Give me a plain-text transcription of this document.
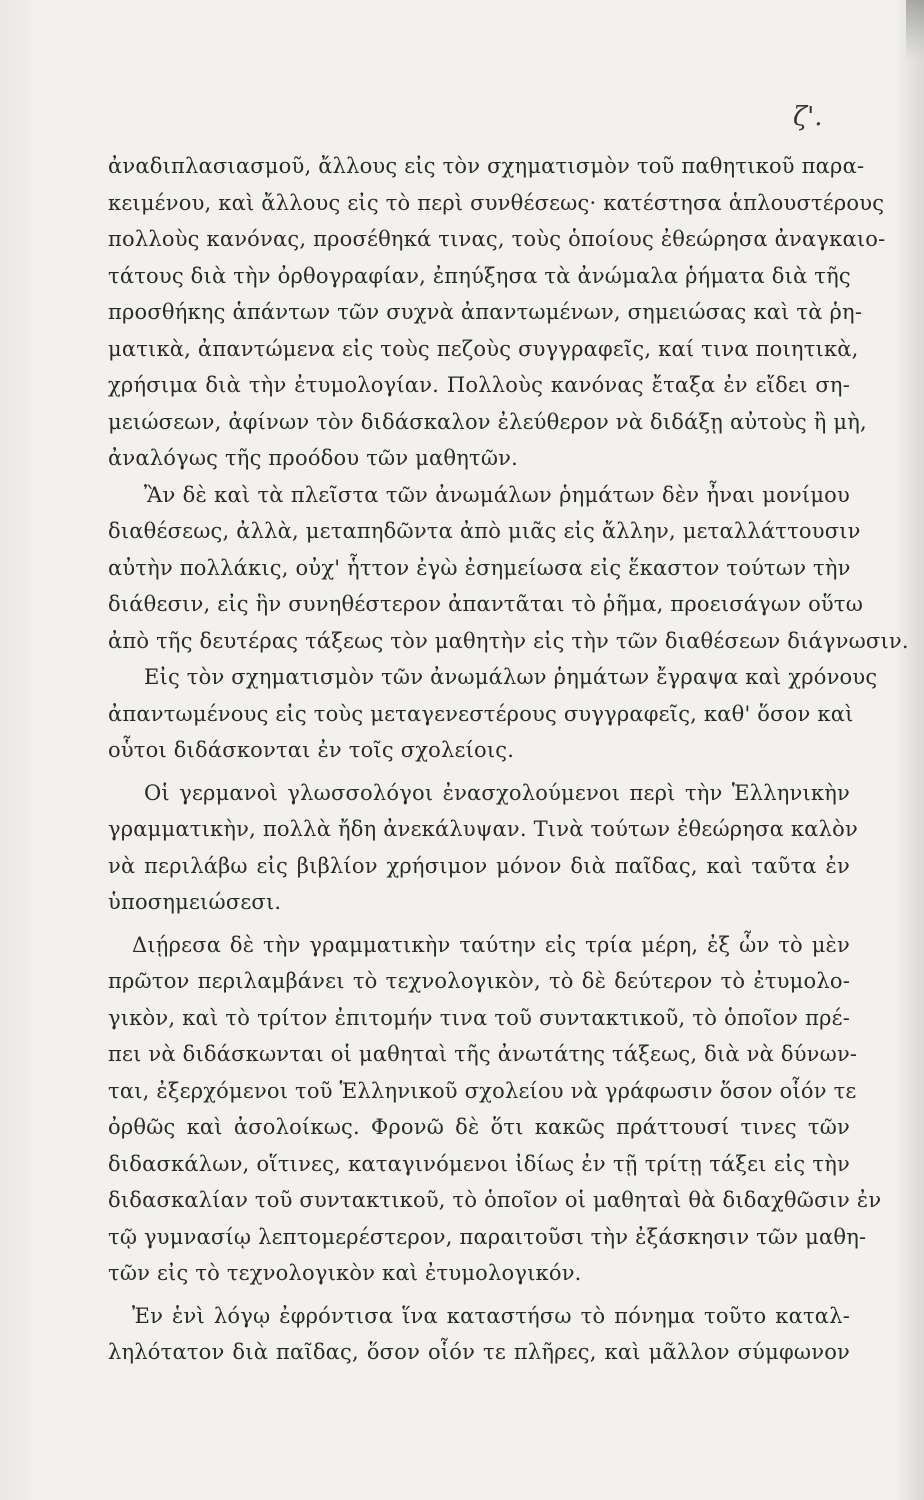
ζ'.
ἀναδιπλασιασμοῦ, ἄλλους εἰς τὸν σχηματισμὸν τοῦ παθητικοῦ παρα-
κειμένου, καὶ ἄλλους εἰς τὸ περὶ συνθέσεως· κατέστησα ἁπλουστέρους
πολλοὺς κανόνας, προσέθηκά τινας, τοὺς ὁποίους ἐθεώρησα ἀναγκαιο-
τάτους διὰ τὴν ὀρθογραφίαν, ἐπηύξησα τὰ ἀνώμαλα ῥήματα διὰ τῆς
προσθήκης ἁπάντων τῶν συχνὰ ἀπαντωμένων, σημειώσας καὶ τὰ ῥη-
ματικὰ, ἀπαντώμενα εἰς τοὺς πεζοὺς συγγραφεῖς, καί τινα ποιητικὰ,
χρήσιμα διὰ τὴν ἐτυμολογίαν. Πολλοὺς κανόνας ἔταξα ἐν εἴδει ση-
μειώσεων, ἀφίνων τὸν διδάσκαλον ἐλεύθερον νὰ διδάξῃ αὐτοὺς ἢ μὴ,
ἀναλόγως τῆς προόδου τῶν μαθητῶν.
Ἂν δὲ καὶ τὰ πλεῖστα τῶν ἀνωμάλων ῥημάτων δὲν ἦναι μονίμου
διαθέσεως, ἀλλὰ, μεταπηδῶντα ἀπὸ μιᾶς εἰς ἄλλην, μεταλλάττουσιν
αὐτὴν πολλάκις, οὐχ' ἧττον ἐγὼ ἐσημείωσα εἰς ἕκαστον τούτων τὴν
διάθεσιν, εἰς ἣν συνηθέστερον ἀπαντᾶται τὸ ῥῆμα, προεισάγων οὕτω
ἀπὸ τῆς δευτέρας τάξεως τὸν μαθητὴν εἰς τὴν τῶν διαθέσεων διάγνωσιν.
Εἰς τὸν σχηματισμὸν τῶν ἀνωμάλων ῥημάτων ἔγραψα καὶ χρόνους
ἀπαντωμένους εἰς τοὺς μεταγενεστέρους συγγραφεῖς, καθ' ὅσον καὶ
οὗτοι διδάσκονται ἐν τοῖς σχολείοις.
Οἱ γερμανοὶ γλωσσολόγοι ἐνασχολούμενοι περὶ τὴν Ἑλληνικὴν
γραμματικὴν, πολλὰ ἤδη ἀνεκάλυψαν. Τινὰ τούτων ἐθεώρησα καλὸν
νὰ περιλάβω εἰς βιβλίον χρήσιμον μόνον διὰ παῖδας, καὶ ταῦτα ἐν
ὑποσημειώσεσι.
Διῄρεσα δὲ τὴν γραμματικὴν ταύτην εἰς τρία μέρη, ἐξ ὧν τὸ μὲν
πρῶτον περιλαμβάνει τὸ τεχνολογικὸν, τὸ δὲ δεύτερον τὸ ἐτυμολο-
γικὸν, καὶ τὸ τρίτον ἐπιτομήν τινα τοῦ συντακτικοῦ, τὸ ὁποῖον πρέ-
πει νὰ διδάσκωνται οἱ μαθηταὶ τῆς ἀνωτάτης τάξεως, διὰ νὰ δύνων-
ται, ἐξερχόμενοι τοῦ Ἑλληνικοῦ σχολείου νὰ γράφωσιν ὅσον οἷόν τε
ὀρθῶς καὶ ἀσολοίκως. Φρονῶ δὲ ὅτι κακῶς πράττουσί τινες τῶν
διδασκάλων, οἵτινες, καταγινόμενοι ἰδίως ἐν τῇ τρίτῃ τάξει εἰς τὴν
διδασκαλίαν τοῦ συντακτικοῦ, τὸ ὁποῖον οἱ μαθηταὶ θὰ διδαχθῶσιν ἐν
τῷ γυμνασίῳ λεπτομερέστερον, παραιτοῦσι τὴν ἐξάσκησιν τῶν μαθη-
τῶν εἰς τὸ τεχνολογικὸν καὶ ἐτυμολογικόν.
Ἐν ἑνὶ λόγῳ ἐφρόντισα ἵνα καταστήσω τὸ πόνημα τοῦτο καταλ-
ληλότατον διὰ παῖδας, ὅσον οἷόν τε πλῆρες, καὶ μᾶλλον σύμφωνον
